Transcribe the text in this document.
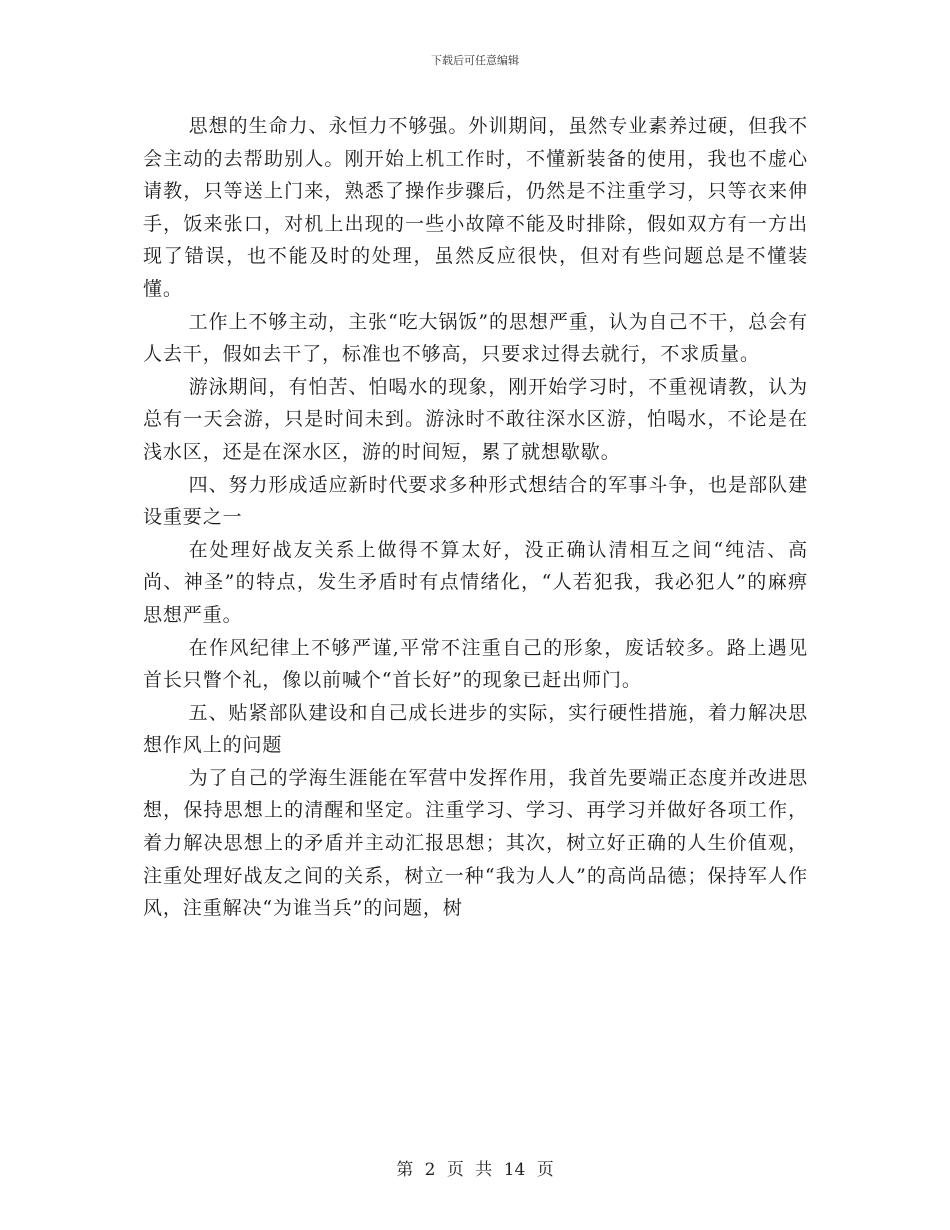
下载后可任意编辑

思想的生命力、永恒力不够强。外训期间，虽然专业素养过硬，但我不会主动的去帮助别人。刚开始上机工作时，不懂新装备的使用，我也不虚心请教，只等送上门来，熟悉了操作步骤后，仍然是不注重学习，只等衣来伸手，饭来张口，对机上出现的一些小故障不能及时排除，假如双方有一方出现了错误，也不能及时的处理，虽然反应很快，但对有些问题总是不懂装懂。

工作上不够主动，主张“吃大锅饭”的思想严重，认为自己不干，总会有人去干，假如去干了，标准也不够高，只要求过得去就行，不求质量。

游泳期间，有怕苦、怕喝水的现象，刚开始学习时，不重视请教，认为总有一天会游，只是时间未到。游泳时不敢往深水区游，怕喝水，不论是在浅水区，还是在深水区，游的时间短，累了就想歇歇。

四、努力形成适应新时代要求多种形式想结合的军事斗争，也是部队建设重要之一

在处理好战友关系上做得不算太好，没正确认清相互之间“纯洁、高尚、神圣”的特点，发生矛盾时有点情绪化，“人若犯我，我必犯人”的麻痹思想严重。

在作风纪律上不够严谨,平常不注重自己的形象，废话较多。路上遇见首长只瞥个礼，像以前喊个“首长好”的现象已赶出师门。

五、贴紧部队建设和自己成长进步的实际，实行硬性措施，着力解决思想作风上的问题

为了自己的学海生涯能在军营中发挥作用，我首先要端正态度并改进思想，保持思想上的清醒和坚定。注重学习、学习、再学习并做好各项工作，着力解决思想上的矛盾并主动汇报思想；其次，树立好正确的人生价值观，注重处理好战友之间的关系，树立一种“我为人人”的高尚品德；保持军人作风，注重解决“为谁当兵”的问题，树

第 2 页 共 14 页
